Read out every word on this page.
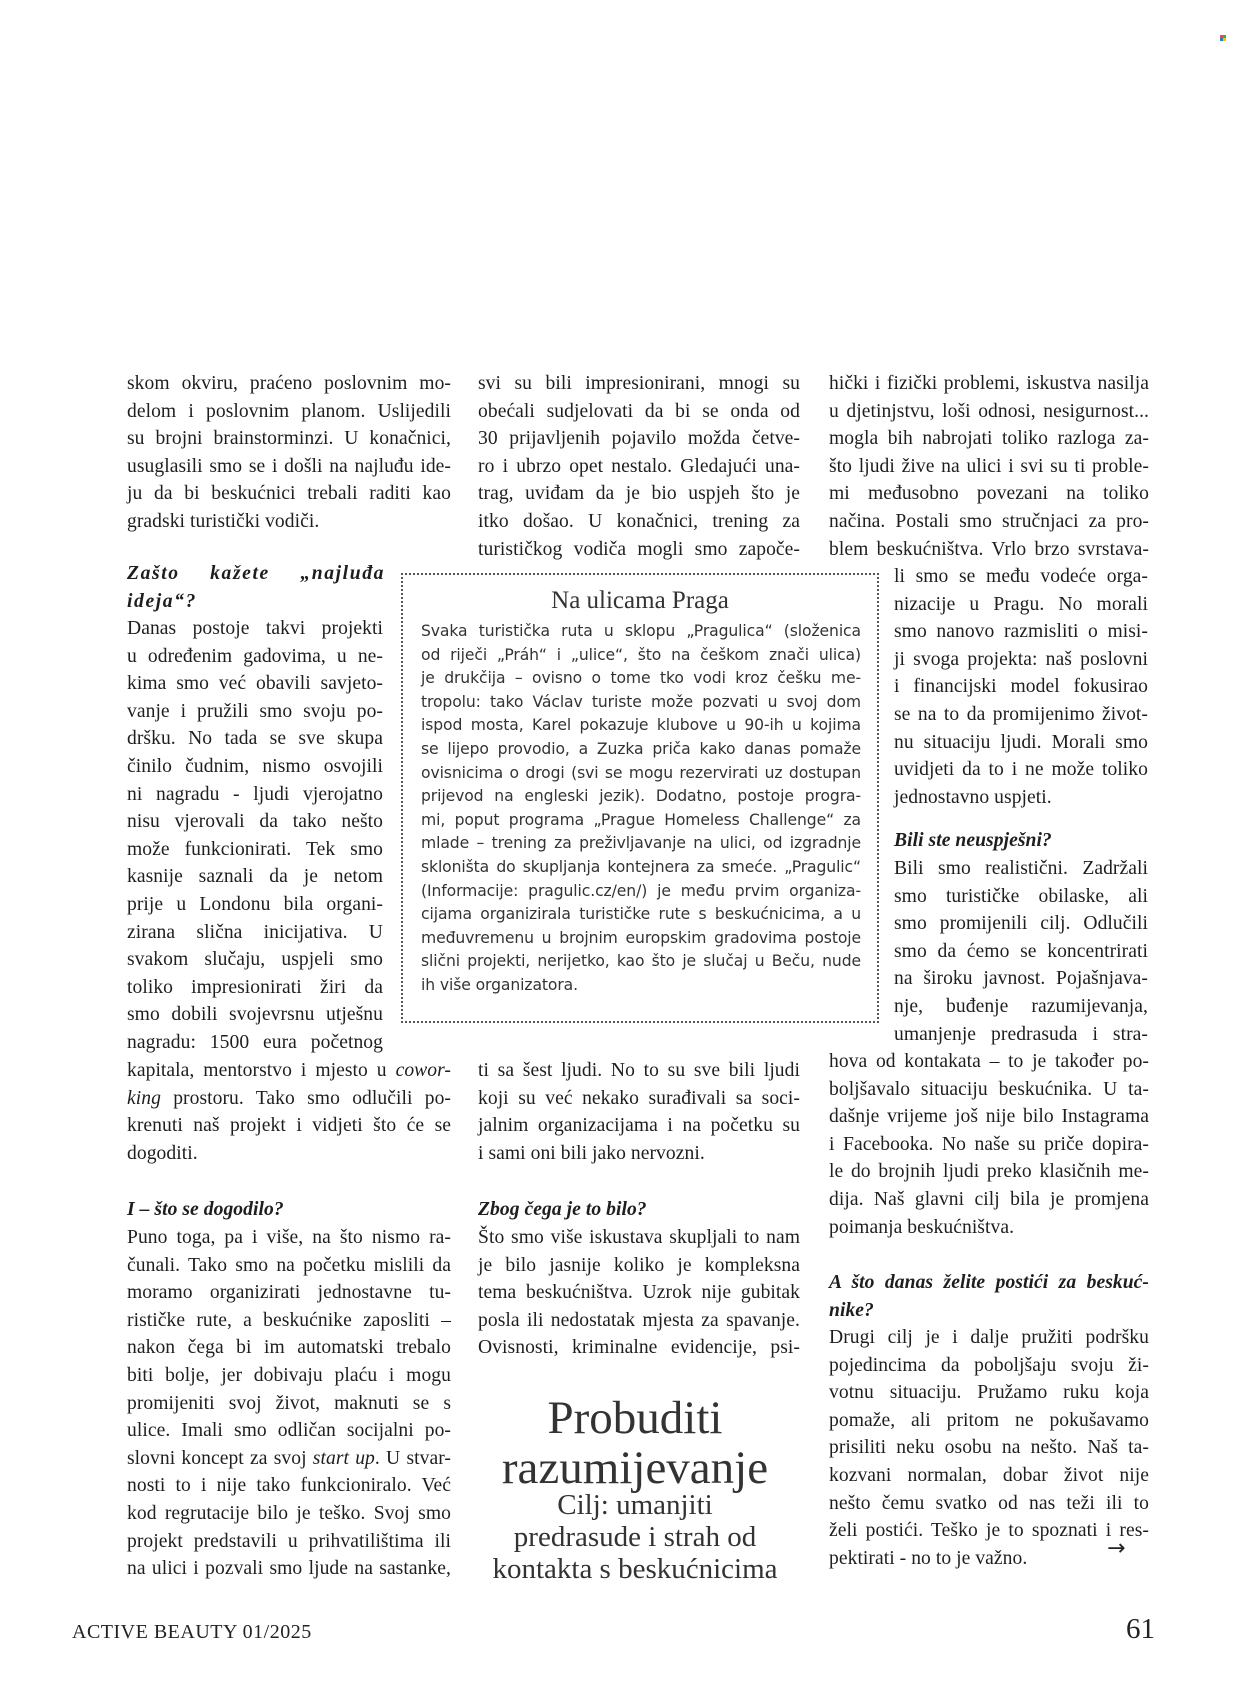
skom okviru, praćeno poslovnim mo-
delom i poslovnim planom. Uslijedili
su brojni brainstorminzi. U konačnici,
usuglasili smo se i došli na najluđu ide-
ju da bi beskućnici trebali raditi kao
gradski turistički vodiči.
Zašto kažete „najluđa
ideja“?
Danas postoje takvi projekti
u određenim gadovima, u ne-
kima smo već obavili savjeto-
vanje i pružili smo svoju po-
dršku. No tada se sve skupa
činilo čudnim, nismo osvojili
ni nagradu - ljudi vjerojatno
nisu vjerovali da tako nešto
može funkcionirati. Tek smo
kasnije saznali da je netom
prije u Londonu bila organi-
zirana slična inicijativa. U
svakom slučaju, uspjeli smo
toliko impresionirati žiri da
smo dobili svojevrsnu utješnu
nagradu: 1500 eura početnog
kapitala, mentorstvo i mjesto u cowor-
king prostoru. Tako smo odlučili po-
krenuti naš projekt i vidjeti što će se
dogoditi.
I – što se dogodilo?
Puno toga, pa i više, na što nismo ra-
čunali. Tako smo na početku mislili da
moramo organizirati jednostavne tu-
rističke rute, a beskućnike zaposliti –
nakon čega bi im automatski trebalo
biti bolje, jer dobivaju plaću i mogu
promijeniti svoj život, maknuti se s
ulice. Imali smo odličan socijalni po-
slovni koncept za svoj start up. U stvar-
nosti to i nije tako funkcioniralo. Već
kod regrutacije bilo je teško. Svoj smo
projekt predstavili u prihvatilištima ili
na ulici i pozvali smo ljude na sastanke,
svi su bili impresionirani, mnogi su
obećali sudjelovati da bi se onda od
30 prijavljenih pojavilo možda četve-
ro i ubrzo opet nestalo. Gledajući una-
trag, uviđam da je bio uspjeh što je
itko došao. U konačnici, trening za
turističkog vodiča mogli smo započe-
ti sa šest ljudi. No to su sve bili ljudi
koji su već nekako surađivali sa soci-
jalnim organizacijama i na početku su
i sami oni bili jako nervozni.
Zbog čega je to bilo?
Što smo više iskustava skupljali to nam
je bilo jasnije koliko je kompleksna
tema beskućništva. Uzrok nije gubitak
posla ili nedostatak mjesta za spavanje.
Ovisnosti, kriminalne evidencije, psi-
hički i fizički problemi, iskustva nasilja
u djetinjstvu, loši odnosi, nesigurnost...
mogla bih nabrojati toliko razloga za-
što ljudi žive na ulici i svi su ti proble-
mi međusobno povezani na toliko
načina. Postali smo stručnjaci za pro-
blem beskućništva. Vrlo brzo svrstava-
li smo se među vodeće orga-
nizacije u Pragu. No morali
smo nanovo razmisliti o misi-
ji svoga projekta: naš poslovni
i financijski model fokusirao
se na to da promijenimo život-
nu situaciju ljudi. Morali smo
uvidjeti da to i ne može toliko
jednostavno uspjeti.
Bili ste neuspješni?
Bili smo realistični. Zadržali
smo turističke obilaske, ali
smo promijenili cilj. Odlučili
smo da ćemo se koncentrirati
na široku javnost. Pojašnjava-
nje, buđenje razumijevanja,
umanjenje predrasuda i stra-
hova od kontakata – to je također po-
boljšavalo situaciju beskućnika. U ta-
dašnje vrijeme još nije bilo Instagrama
i Facebooka. No naše su priče dopira-
le do brojnih ljudi preko klasičnih me-
dija. Naš glavni cilj bila je promjena
poimanja beskućništva.
A što danas želite postići za beskuć-
nike?
Drugi cilj je i dalje pružiti podršku
pojedincima da poboljšaju svoju ži-
votnu situaciju. Pružamo ruku koja
pomaže, ali pritom ne pokušavamo
prisiliti neku osobu na nešto. Naš ta-
kozvani normalan, dobar život nije
nešto čemu svatko od nas teži ili to
želi postići. Teško je to spoznati i res-
pektirati - no to je važno.	→
Na ulicama Praga
Svaka turistička ruta u sklopu „Pragulica“ (složenica
od riječi „Práh“ i „ulice“, što na češkom znači ulica)
je drukčija – ovisno o tome tko vodi kroz češku me-
tropolu: tako Václav turiste može pozvati u svoj dom
ispod mosta, Karel pokazuje klubove u 90-ih u kojima
se lijepo provodio, a Zuzka priča kako danas pomaže
ovisnicima o drogi (svi se mogu rezervirati uz dostupan
prijevod na engleski jezik). Dodatno, postoje progra-
mi, poput programa „Prague Homeless Challenge“ za
mlade – trening za preživljavanje na ulici, od izgradnje
skloništa do skupljanja kontejnera za smeće. „Pragulic“
(Informacije: pragulic.cz/en/) je među prvim organiza-
cijama organizirala turističke rute s beskućnicima, a u
međuvremenu u brojnim europskim gradovima postoje
slični projekti, nerijetko, kao što je slučaj u Beču, nude
ih više organizatora.
Probuditi
razumijevanje
Cilj: umanjiti
predrasude i strah od
kontakta s beskućnicima
ACTIVE BEAUTY 01/2025	61
